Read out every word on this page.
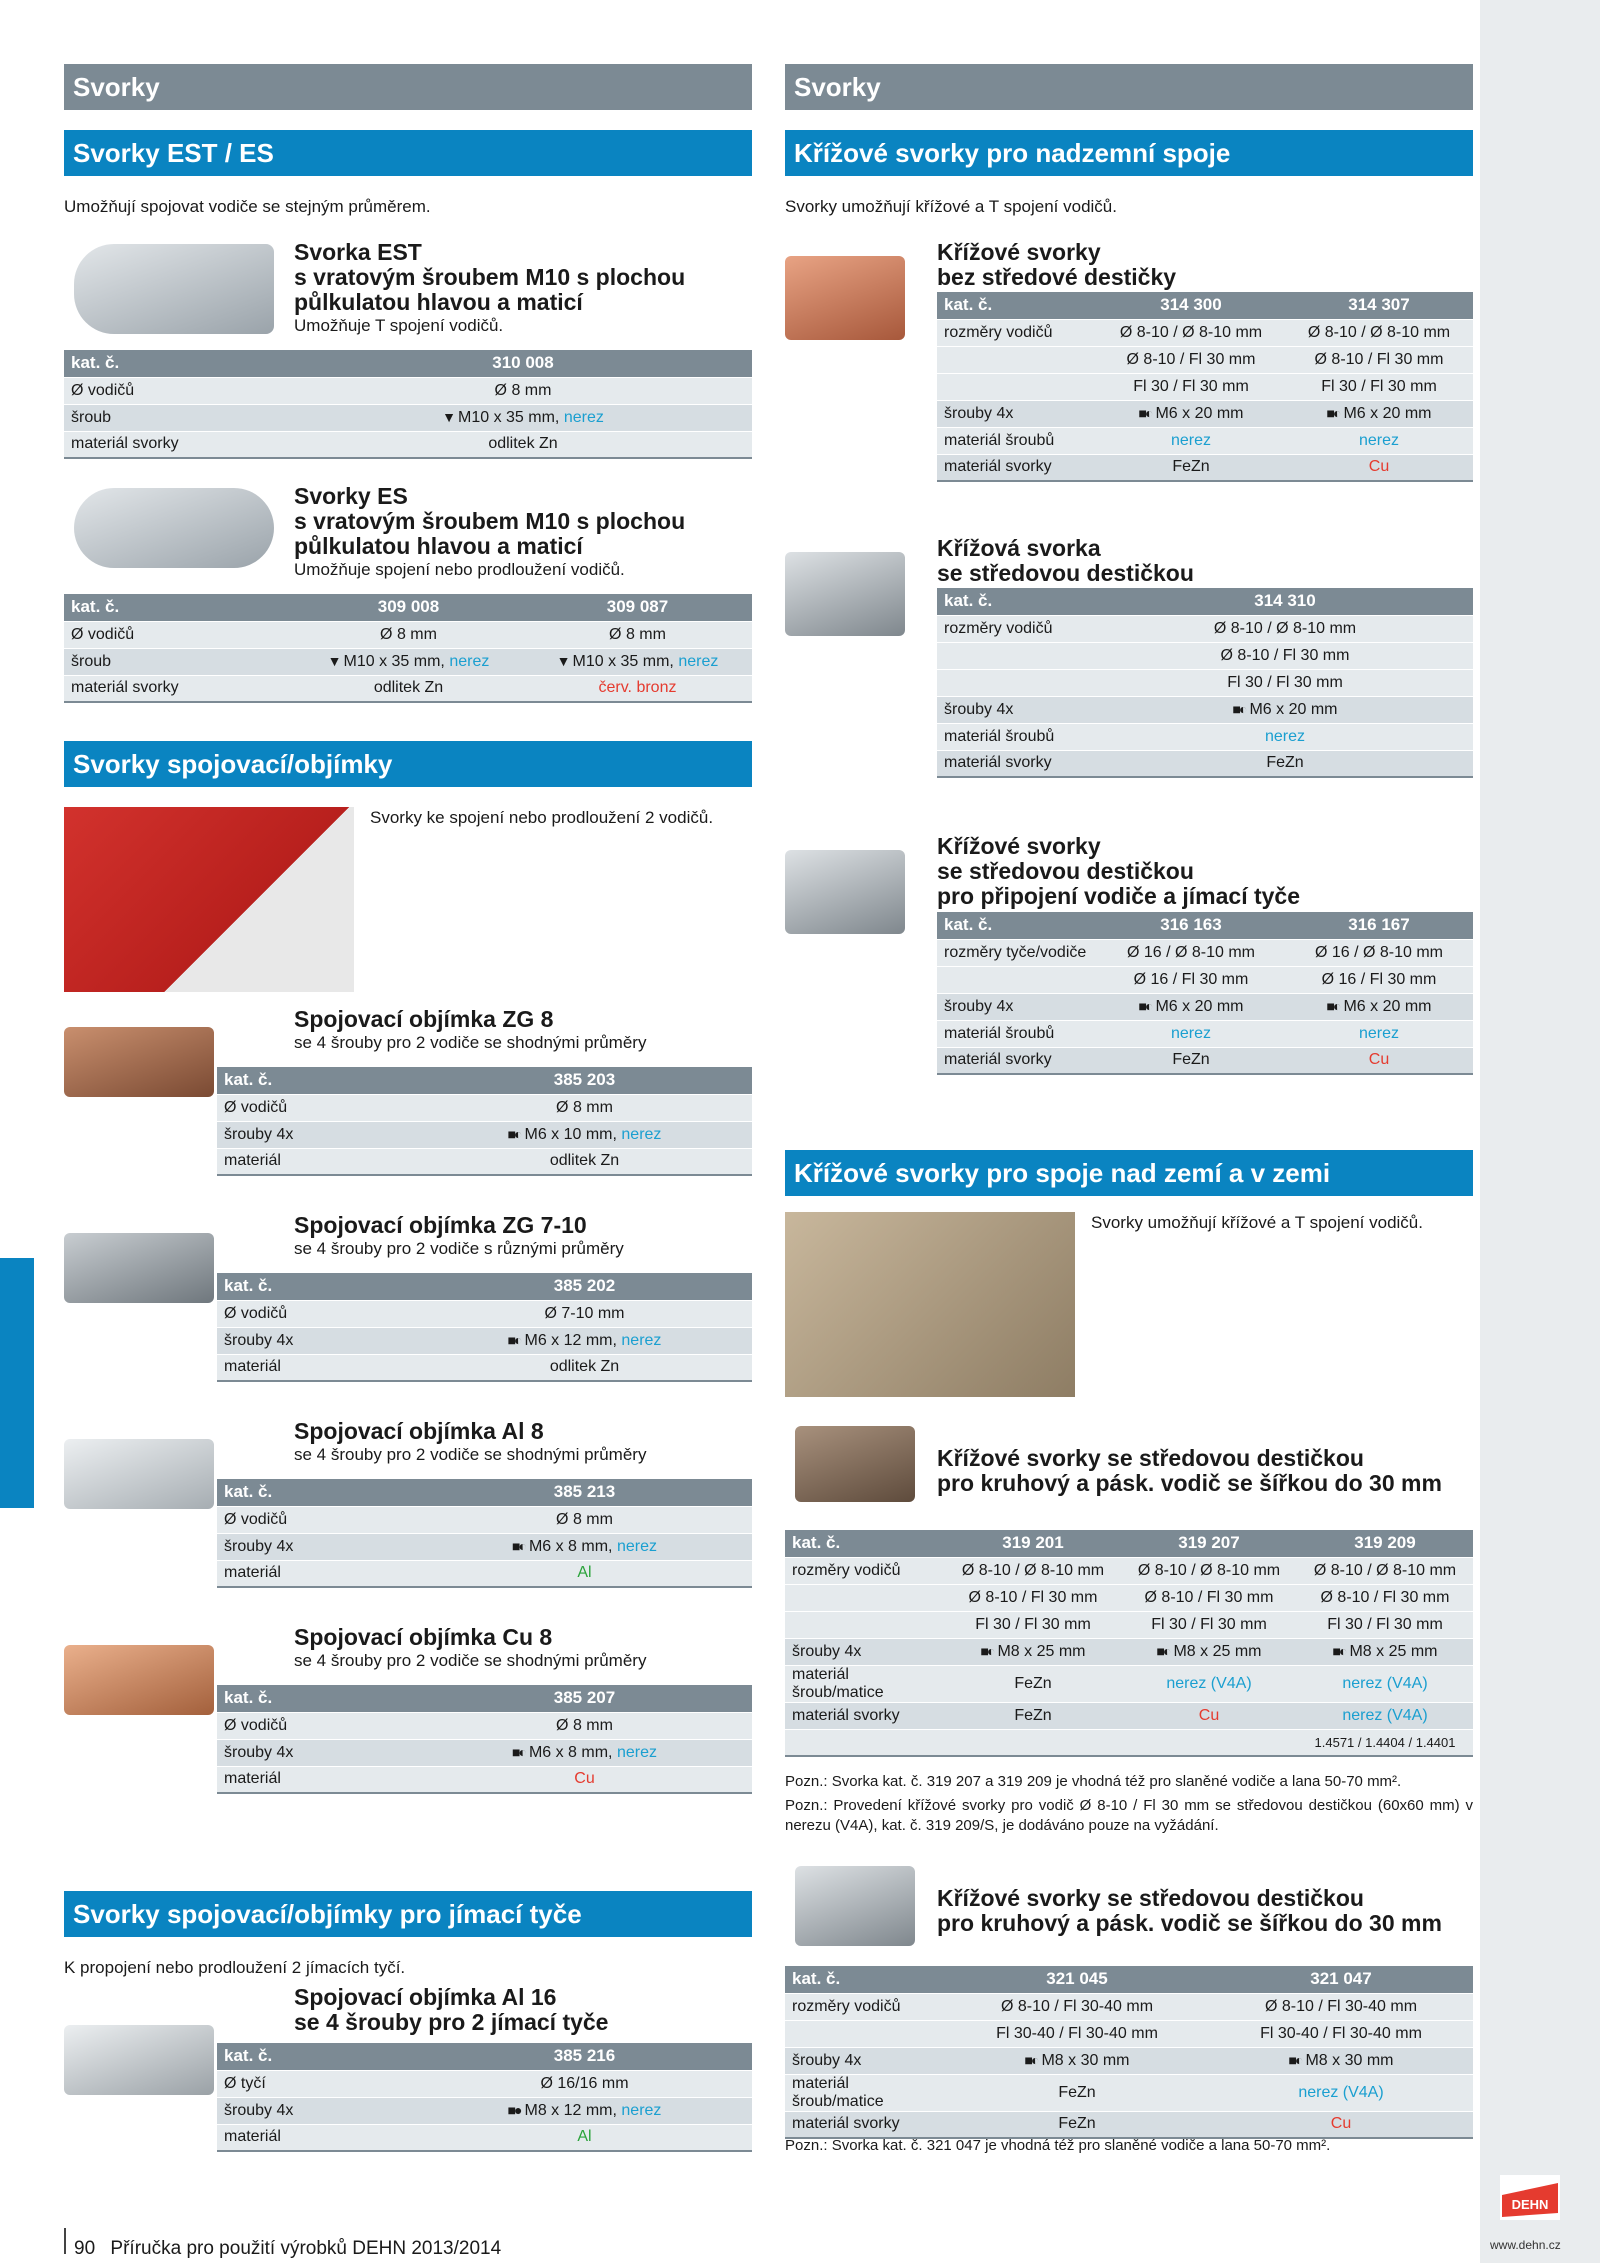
Svorky
Svorky EST / ES
Umožňují spojovat vodiče se stejným průměrem.
Svorka EST
s vratovým šroubem M10 s plochou
půlkulatou hlavou a maticí
Umožňuje T spojení vodičů.
kat. č.	310 008
Ø vodičů	Ø 8 mm
šroub	▼ M10 x 35 mm, nerez
materiál svorky	odlitek Zn
Svorky ES
s vratovým šroubem M10 s plochou
půlkulatou hlavou a maticí
Umožňuje spojení nebo prodloužení vodičů.
kat. č.	309 008	309 087
Ø vodičů	Ø 8 mm	Ø 8 mm
šroub	▼ M10 x 35 mm, nerez	▼ M10 x 35 mm, nerez
materiál svorky	odlitek Zn	červ. bronz
Svorky spojovací/objímky
Svorky ke spojení nebo prodloužení 2 vodičů.
Spojovací objímka ZG 8
se 4 šrouby pro 2 vodiče se shodnými průměry
kat. č.	385 203
Ø vodičů	Ø 8 mm
šrouby 4x	■◐ M6 x 10 mm, nerez
materiál	odlitek Zn
Spojovací objímka ZG 7-10
se 4 šrouby pro 2 vodiče s různými průměry
kat. č.	385 202
Ø vodičů	Ø 7-10 mm
šrouby 4x	■◐ M6 x 12 mm, nerez
materiál	odlitek Zn
Spojovací objímka Al 8
se 4 šrouby pro 2 vodiče se shodnými průměry
kat. č.	385 213
Ø vodičů	Ø 8 mm
šrouby 4x	■◐ M6 x 8 mm, nerez
materiál	Al
Spojovací objímka Cu 8
se 4 šrouby pro 2 vodiče se shodnými průměry
kat. č.	385 207
Ø vodičů	Ø 8 mm
šrouby 4x	■◐ M6 x 8 mm, nerez
materiál	Cu
Svorky spojovací/objímky pro jímací tyče
K propojení nebo prodloužení 2 jímacích tyčí.
Spojovací objímka Al 16
se 4 šrouby pro 2 jímací tyče
kat. č.	385 216
Ø tyčí	Ø 16/16 mm
šrouby 4x	■● M8 x 12 mm, nerez
materiál	Al
Svorky
Křížové svorky pro nadzemní spoje
Svorky umožňují křížové a T spojení vodičů.
Křížové svorky
bez středové destičky
kat. č.	314 300	314 307
rozměry vodičů	Ø 8-10 / Ø 8-10 mm	Ø 8-10 / Ø 8-10 mm
	Ø 8-10 / Fl 30 mm	Ø 8-10 / Fl 30 mm
	Fl 30 / Fl 30 mm	Fl 30 / Fl 30 mm
šrouby 4x	■◐ M6 x 20 mm	■◐ M6 x 20 mm
materiál šroubů	nerez	nerez
materiál svorky	FeZn	Cu
Křížová svorka
se středovou destičkou
kat. č.	314 310
rozměry vodičů	Ø 8-10 / Ø 8-10 mm
	Ø 8-10 / Fl 30 mm
	Fl 30 / Fl 30 mm
šrouby 4x	■◐ M6 x 20 mm
materiál šroubů	nerez
materiál svorky	FeZn
Křížové svorky
se středovou destičkou
pro připojení vodiče a jímací tyče
kat. č.	316 163	316 167
rozměry tyče/vodiče	Ø 16 / Ø 8-10 mm	Ø 16 / Ø 8-10 mm
	Ø 16 / Fl 30 mm	Ø 16 / Fl 30 mm
šrouby 4x	■◐ M6 x 20 mm	■◐ M6 x 20 mm
materiál šroubů	nerez	nerez
materiál svorky	FeZn	Cu
Křížové svorky pro spoje nad zemí a v zemi
Svorky umožňují křížové a T spojení vodičů.
Křížové svorky se středovou destičkou
pro kruhový a pásk. vodič se šířkou do 30 mm
kat. č.	319 201	319 207	319 209
rozměry vodičů	Ø 8-10 / Ø 8-10 mm	Ø 8-10 / Ø 8-10 mm	Ø 8-10 / Ø 8-10 mm
	Ø 8-10 / Fl 30 mm	Ø 8-10 / Fl 30 mm	Ø 8-10 / Fl 30 mm
	Fl 30 / Fl 30 mm	Fl 30 / Fl 30 mm	Fl 30 / Fl 30 mm
šrouby 4x	■◐ M8 x 25 mm	■◐ M8 x 25 mm	■◐ M8 x 25 mm
materiál šroub/matice	FeZn	nerez (V4A)	nerez (V4A)
materiál svorky	FeZn	Cu	nerez (V4A)
			1.4571 / 1.4404 / 1.4401
Pozn.: Svorka kat. č. 319 207 a 319 209 je vhodná též pro slaněné vodiče a lana 50-70 mm².
Pozn.: Provedení křížové svorky pro vodič Ø 8-10 / Fl 30 mm se středovou destičkou (60x60 mm) v nerezu (V4A), kat. č. 319 209/S, je dodáváno pouze na vyžádání.
Křížové svorky se středovou destičkou
pro kruhový a pásk. vodič se šířkou do 30 mm
kat. č.	321 045	321 047
rozměry vodičů	Ø 8-10 / Fl 30-40 mm	Ø 8-10 / Fl 30-40 mm
	Fl 30-40 / Fl 30-40 mm	Fl 30-40 / Fl 30-40 mm
šrouby 4x	■◐ M8 x 30 mm	■◐ M8 x 30 mm
materiál šroub/matice	FeZn	nerez (V4A)
materiál svorky	FeZn	Cu
Pozn.: Svorka kat. č. 321 047 je vhodná též pro slaněné vodiče a lana 50-70 mm².
90 Příručka pro použití výrobků DEHN 2013/2014
DEHN
www.dehn.cz
